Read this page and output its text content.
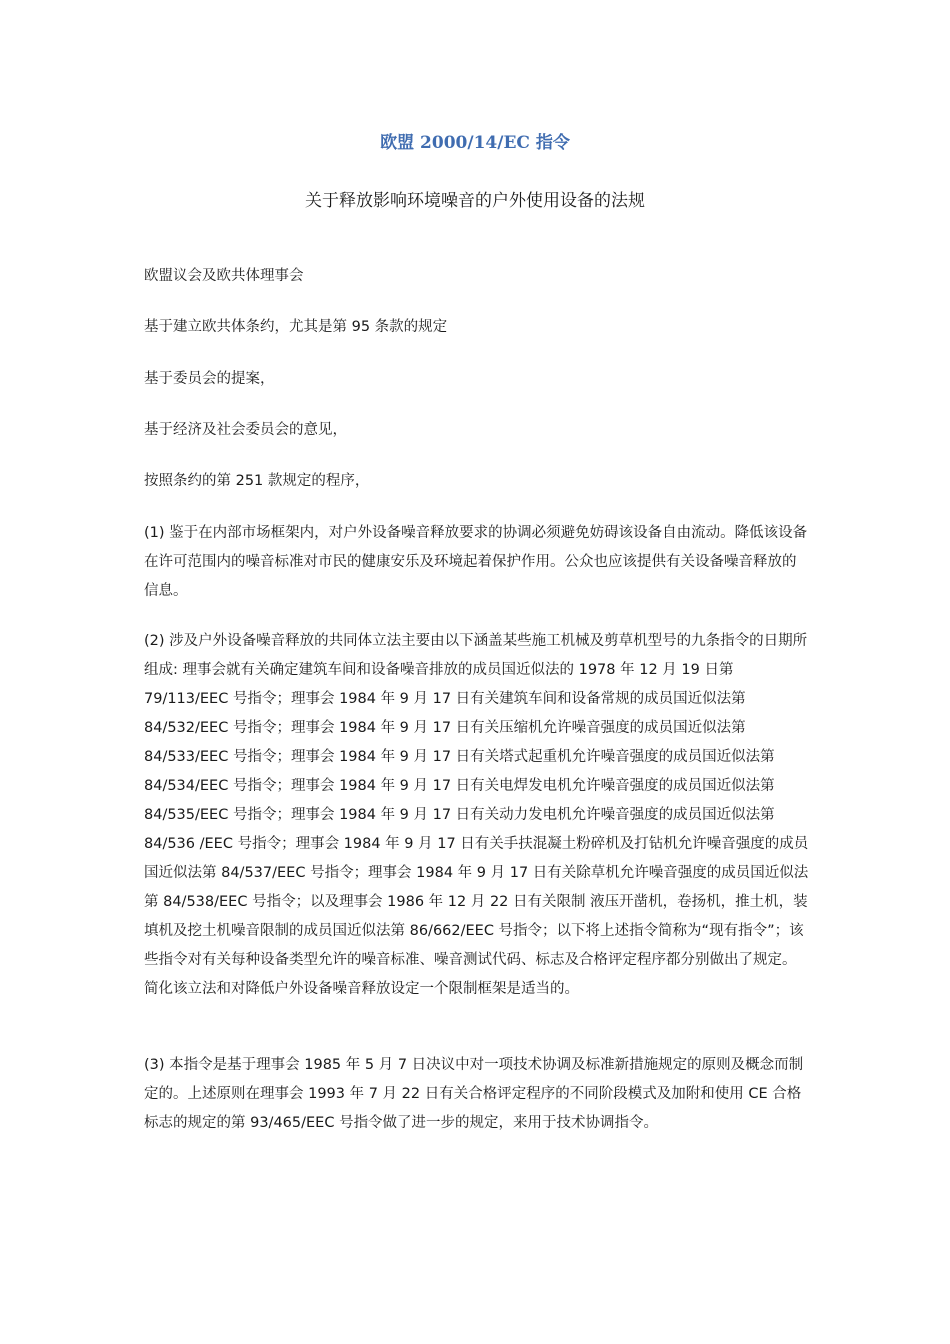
欧盟 2000/14/EC 指令
关于释放影响环境噪音的户外使用设备的法规

欧盟议会及欧共体理事会

基于建立欧共体条约，尤其是第 95 条款的规定

基于委员会的提案，

基于经济及社会委员会的意见，

按照条约的第 251 款规定的程序，

(1) 鉴于在内部市场框架内，对户外设备噪音释放要求的协调必须避免妨碍该设备自由流动。降低该设备在许可范围内的噪音标准对市民的健康安乐及环境起着保护作用。公众也应该提供有关设备噪音释放的信息。

(2) 涉及户外设备噪音释放的共同体立法主要由以下涵盖某些施工机械及剪草机型号的九条指令的日期所组成: 理事会就有关确定建筑车间和设备噪音排放的成员国近似法的 1978 年 12 月 19 日第 79/113/EEC 号指令；理事会 1984 年 9 月 17 日有关建筑车间和设备常规的成员国近似法第 84/532/EEC 号指令；理事会 1984 年 9 月 17 日有关压缩机允许噪音强度的成员国近似法第 84/533/EEC 号指令；理事会 1984 年 9 月 17 日有关塔式起重机允许噪音强度的成员国近似法第 84/534/EEC 号指令；理事会 1984 年 9 月 17 日有关电焊发电机允许噪音强度的成员国近似法第 84/535/EEC 号指令；理事会 1984 年 9 月 17 日有关动力发电机允许噪音强度的成员国近似法第 84/536 /EEC 号指令；理事会 1984 年 9 月 17 日有关手扶混凝土粉碎机及打钻机允许噪音强度的成员国近似法第 84/537/EEC 号指令；理事会 1984 年 9 月 17 日有关除草机允许噪音强度的成员国近似法第 84/538/EEC 号指令；以及理事会 1986 年 12 月 22 日有关限制 液压开凿机，卷扬机，推土机，装填机及挖土机噪音限制的成员国近似法第 86/662/EEC 号指令；以下将上述指令简称为“现有指令”；该些指令对有关每种设备类型允许的噪音标准、噪音测试代码、标志及合格评定程序都分别做出了规定。简化该立法和对降低户外设备噪音释放设定一个限制框架是适当的。

(3) 本指令是基于理事会 1985 年 5 月 7 日决议中对一项技术协调及标准新措施规定的原则及概念而制定的。上述原则在理事会 1993 年 7 月 22 日有关合格评定程序的不同阶段模式及加附和使用 CE 合格标志的规定的第 93/465/EEC 号指令做了进一步的规定，来用于技术协调指令。
